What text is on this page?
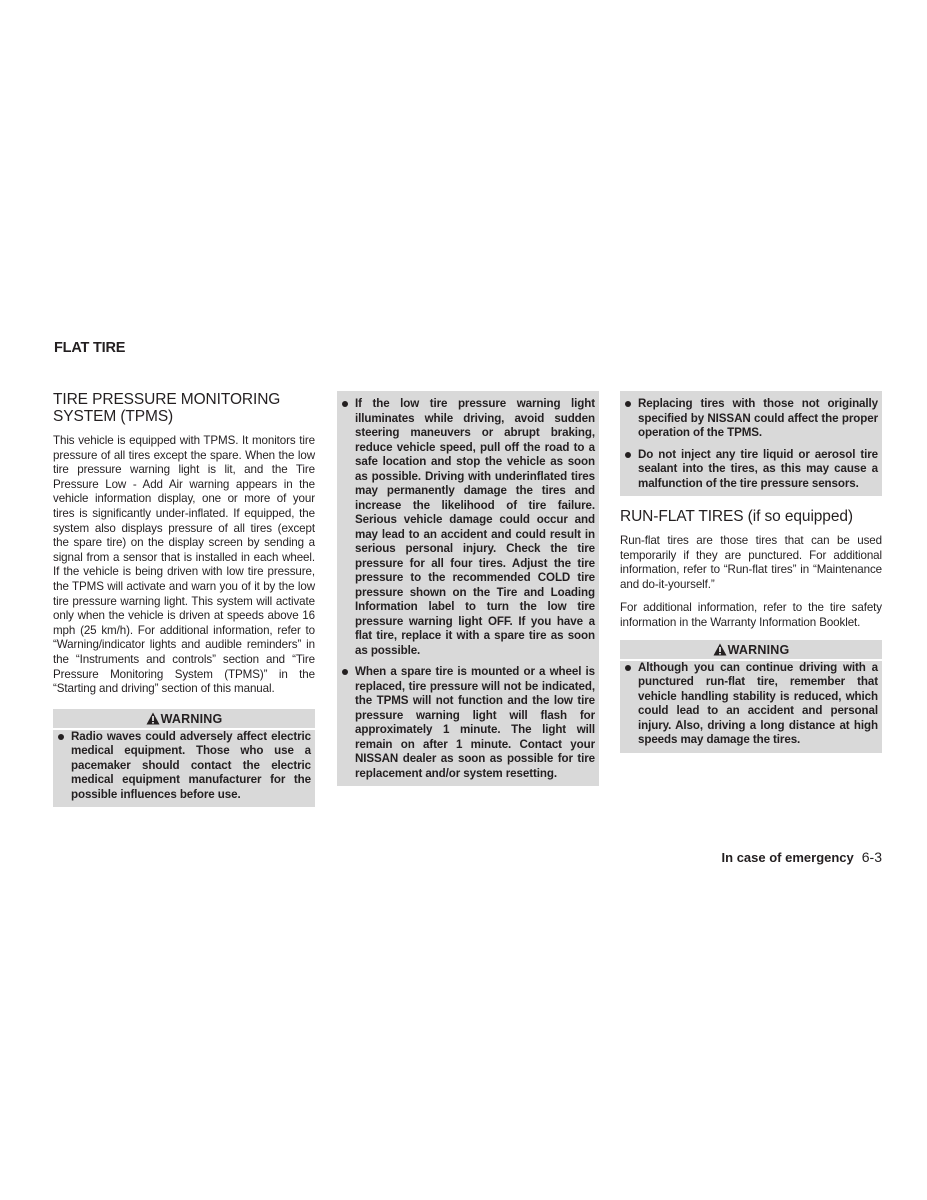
FLAT TIRE
TIRE PRESSURE MONITORING
SYSTEM (TPMS)

This vehicle is equipped with TPMS. It monitors tire pressure of all tires except the spare. When the low tire pressure warning light is lit, and the Tire Pressure Low - Add Air warning appears in the vehicle information display, one or more of your tires is significantly under-inflated. If equipped, the system also displays pressure of all tires (except the spare tire) on the display screen by sending a signal from a sensor that is installed in each wheel. If the vehicle is being driven with low tire pressure, the TPMS will activate and warn you of it by the low tire pressure warning light. This system will activate only when the vehicle is driven at speeds above 16 mph (25 km/h). For additional information, refer to “Warning/indicator lights and audible reminders” in the “Instruments and controls” section and “Tire Pressure Monitoring System (TPMS)” in the “Starting and driving” section of this manual.

WARNING
Radio waves could adversely affect electric medical equipment. Those who use a pacemaker should contact the electric medical equipment manufacturer for the possible influences before use.
If the low tire pressure warning light illuminates while driving, avoid sudden steering maneuvers or abrupt braking, reduce vehicle speed, pull off the road to a safe location and stop the vehicle as soon as possible. Driving with underinflated tires may permanently damage the tires and increase the likelihood of tire failure. Serious vehicle damage could occur and may lead to an accident and could result in serious personal injury. Check the tire pressure for all four tires. Adjust the tire pressure to the recommended COLD tire pressure shown on the Tire and Loading Information label to turn the low tire pressure warning light OFF. If you have a flat tire, replace it with a spare tire as soon as possible.
When a spare tire is mounted or a wheel is replaced, tire pressure will not be indicated, the TPMS will not function and the low tire pressure warning light will flash for approximately 1 minute. The light will remain on after 1 minute. Contact your NISSAN dealer as soon as possible for tire replacement and/or system resetting.
Replacing tires with those not originally specified by NISSAN could affect the proper operation of the TPMS.
Do not inject any tire liquid or aerosol tire sealant into the tires, as this may cause a malfunction of the tire pressure sensors.
RUN-FLAT TIRES (if so equipped)

Run-flat tires are those tires that can be used temporarily if they are punctured. For additional information, refer to “Run-flat tires” in “Maintenance and do-it-yourself.”

For additional information, refer to the tire safety information in the Warranty Information Booklet.

WARNING
Although you can continue driving with a punctured run-flat tire, remember that vehicle handling stability is reduced, which could lead to an accident and personal injury. Also, driving a long distance at high speeds may damage the tires.
In case of emergency 6-3
